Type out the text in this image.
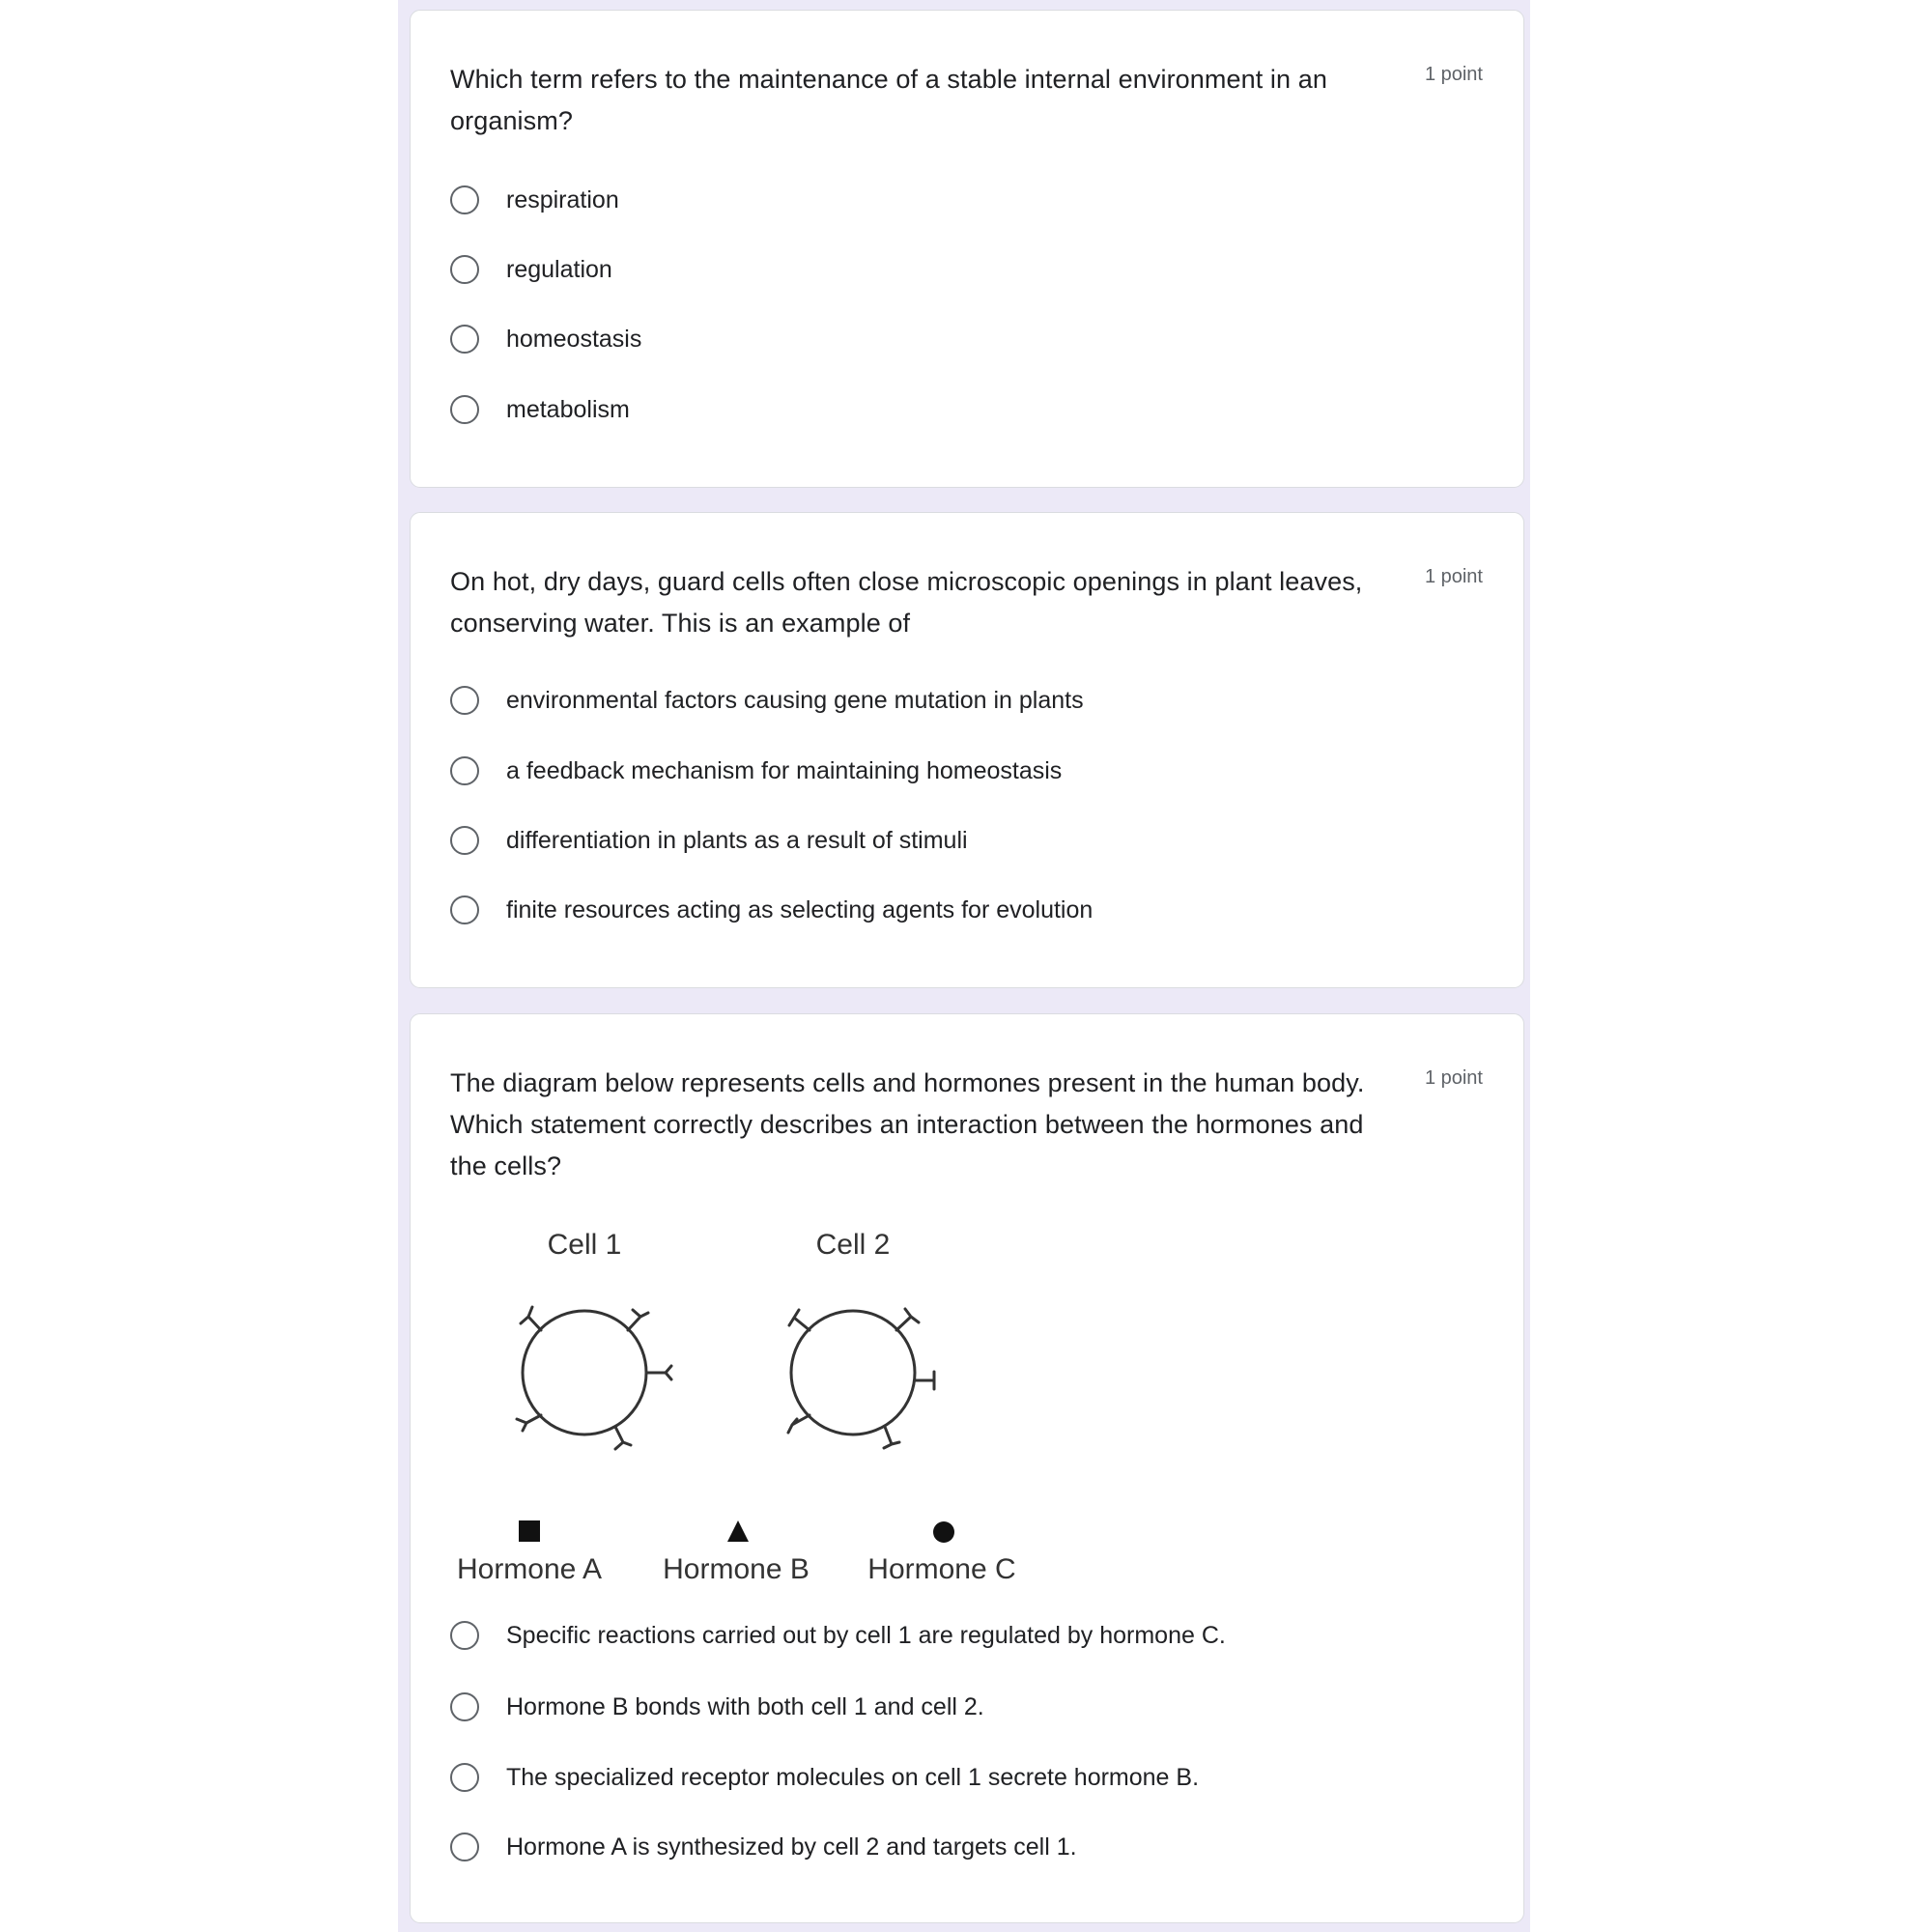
Which term refers to the maintenance of a stable internal environment in an organism?
1 point
respiration
regulation
homeostasis
metabolism
On hot, dry days, guard cells often close microscopic openings in plant leaves, conserving water. This is an example of
1 point
environmental factors causing gene mutation in plants
a feedback mechanism for maintaining homeostasis
differentiation in plants as a result of stimuli
finite resources acting as selecting agents for evolution
The diagram below represents cells and hormones present in the human body. Which statement correctly describes an interaction between the hormones and the cells?
1 point
Cell 1	Cell 2
Hormone A Hormone B Hormone C
Specific reactions carried out by cell 1 are regulated by hormone C.
Hormone B bonds with both cell 1 and cell 2.
The specialized receptor molecules on cell 1 secrete hormone B.
Hormone A is synthesized by cell 2 and targets cell 1.
